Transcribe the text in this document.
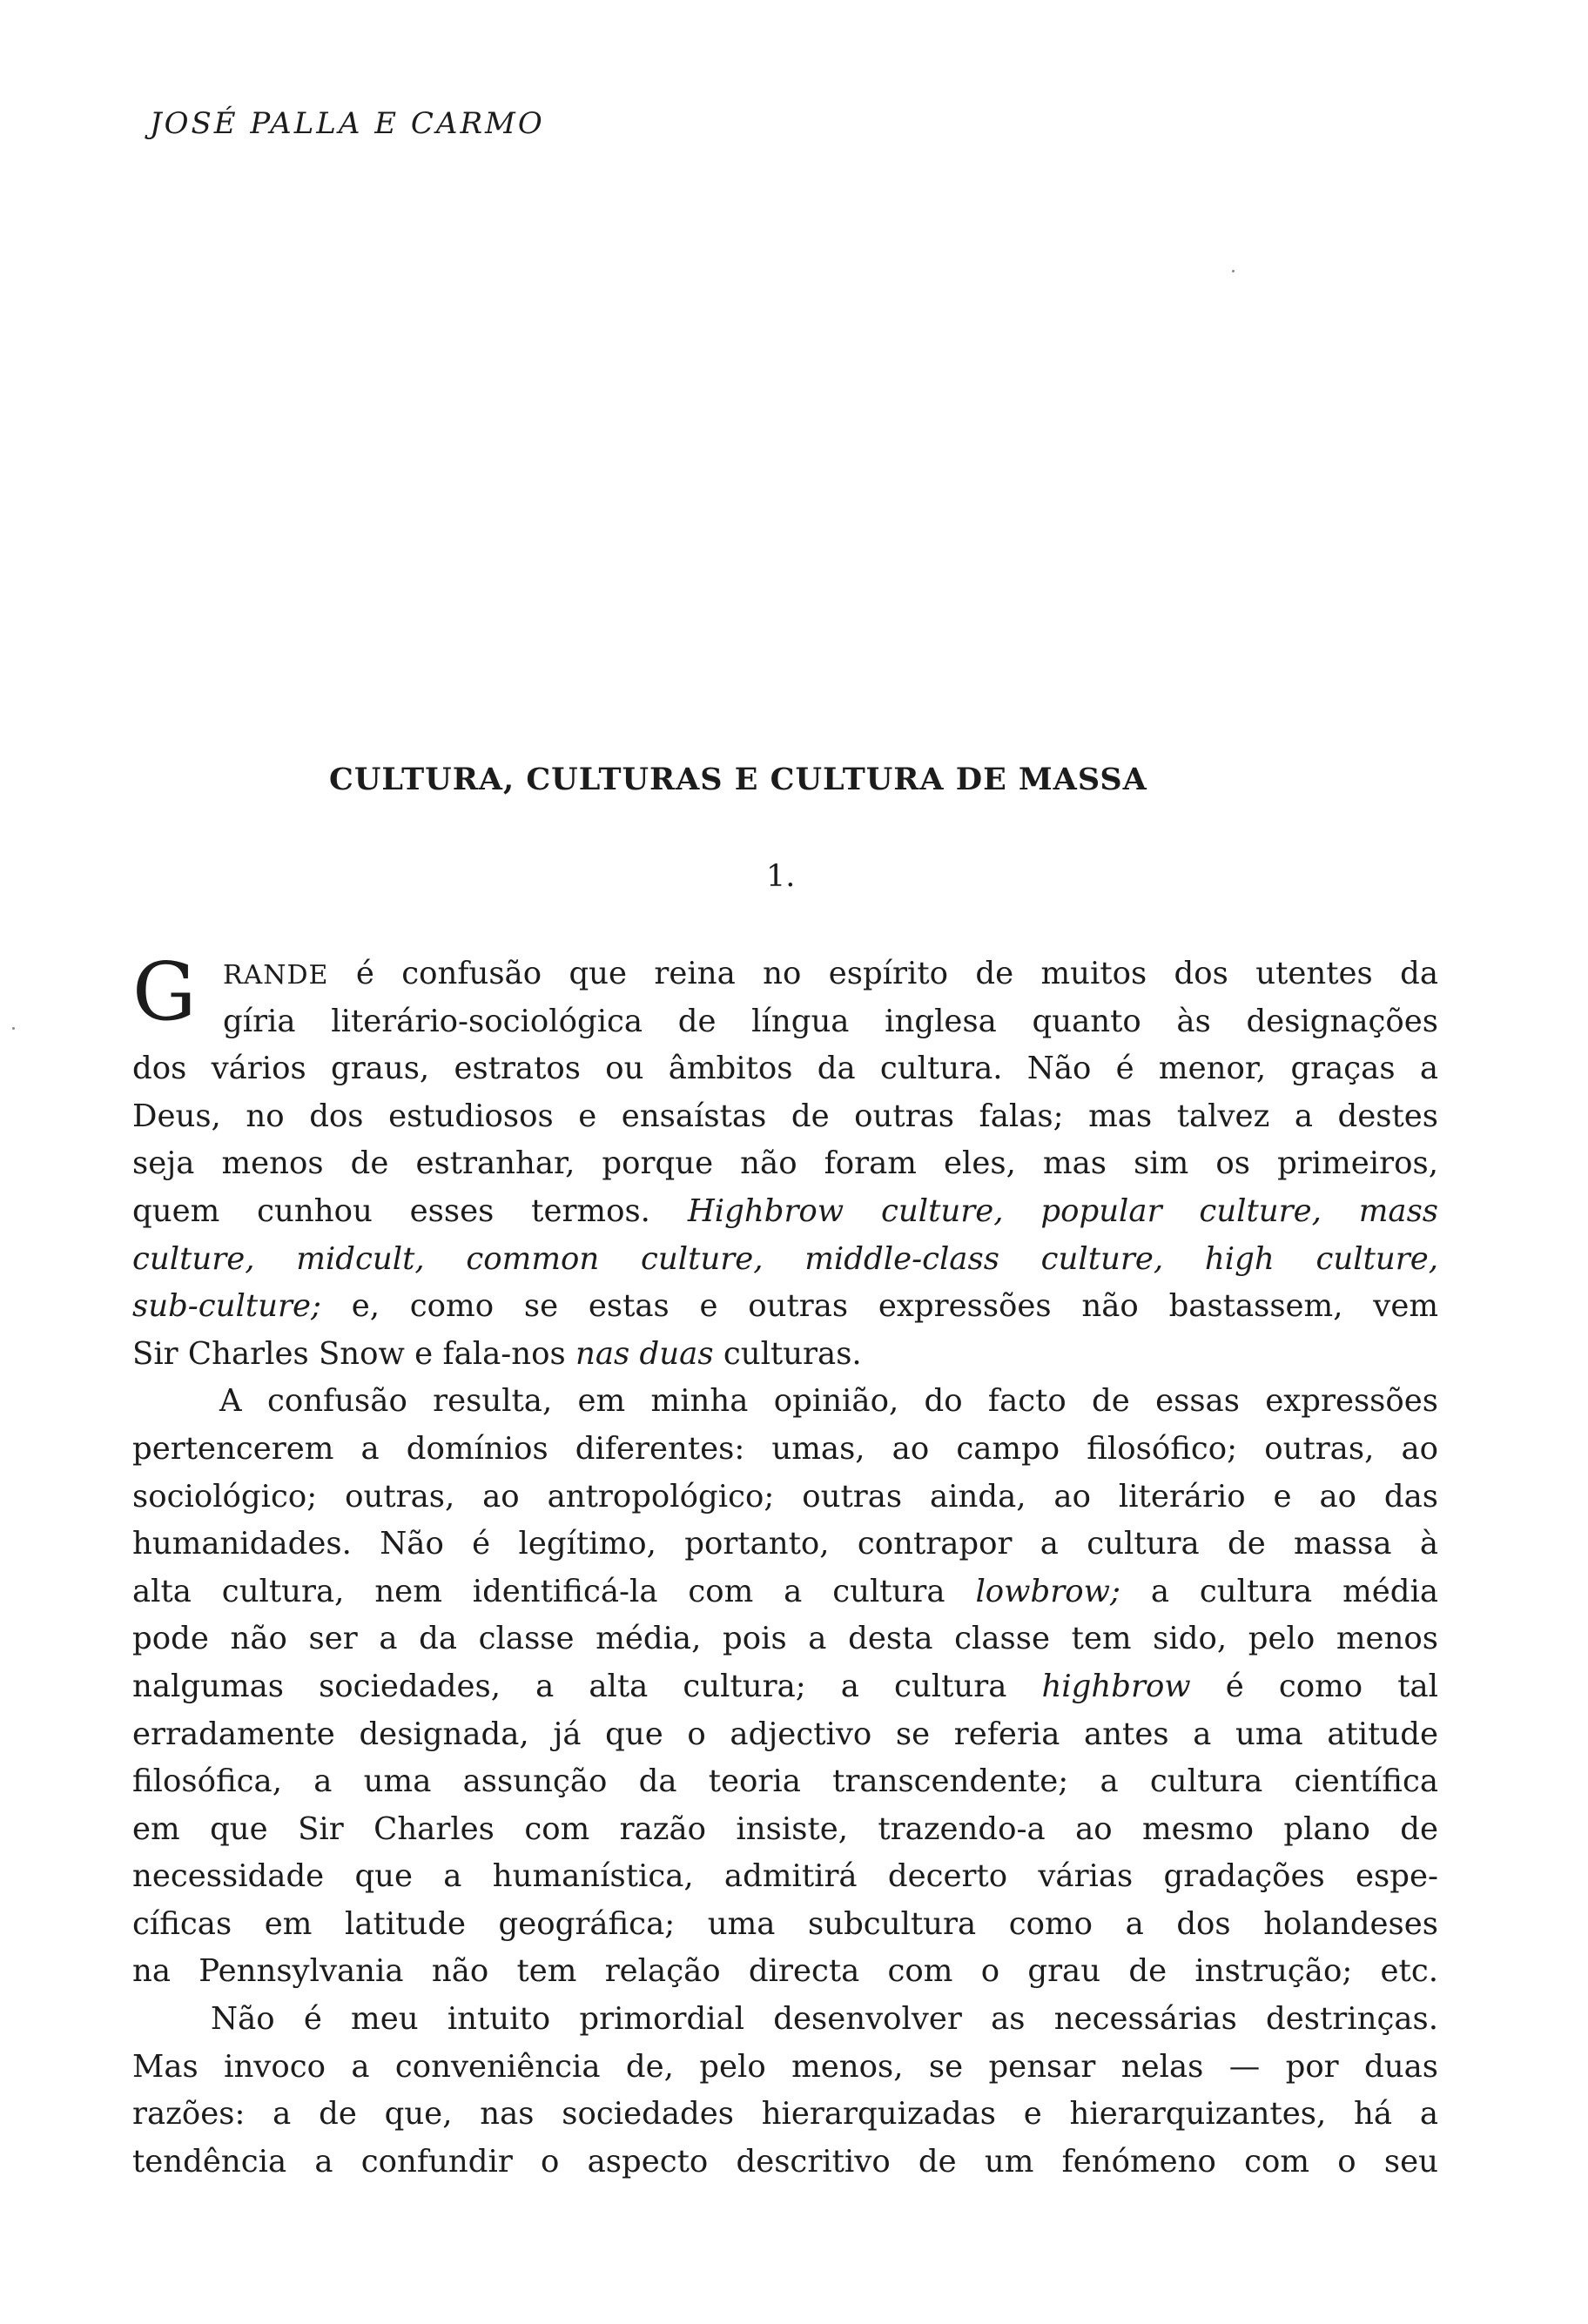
JOSÉ PALLA E CARMO

CULTURA, CULTURAS E CULTURA DE MASSA

1.

G	RANDE é confusão que reina no espírito de muitos dos utentes da
gíria literário-sociológica de língua inglesa quanto às designações
dos vários graus, estratos ou âmbitos da cultura. Não é menor, graças a
Deus, no dos estudiosos e ensaístas de outras falas; mas talvez a destes
seja menos de estranhar, porque não foram eles, mas sim os primeiros,
quem cunhou esses termos. Highbrow culture, popular culture, mass
culture, midcult, common culture, middle-class culture, high culture,
sub-culture; e, como se estas e outras expressões não bastassem, vem
Sir Charles Snow e fala-nos nas duas culturas.
A confusão resulta, em minha opinião, do facto de essas expressões
pertencerem a domínios diferentes: umas, ao campo filosófico; outras, ao
sociológico; outras, ao antropológico; outras ainda, ao literário e ao das
humanidades. Não é legítimo, portanto, contrapor a cultura de massa à
alta cultura, nem identificá-la com a cultura lowbrow; a cultura média
pode não ser a da classe média, pois a desta classe tem sido, pelo menos
nalgumas sociedades, a alta cultura; a cultura highbrow é como tal
erradamente designada, já que o adjectivo se referia antes a uma atitude
filosófica, a uma assunção da teoria transcendente; a cultura científica
em que Sir Charles com razão insiste, trazendo-a ao mesmo plano de
necessidade que a humanística, admitirá decerto várias gradações espe-
cíficas em latitude geográfica; uma subcultura como a dos holandeses
na Pennsylvania não tem relação directa com o grau de instrução; etc.
Não é meu intuito primordial desenvolver as necessárias destrinças.
Mas invoco a conveniência de, pelo menos, se pensar nelas — por duas
razões: a de que, nas sociedades hierarquizadas e hierarquizantes, há a
tendência a confundir o aspecto descritivo de um fenómeno com o seu
